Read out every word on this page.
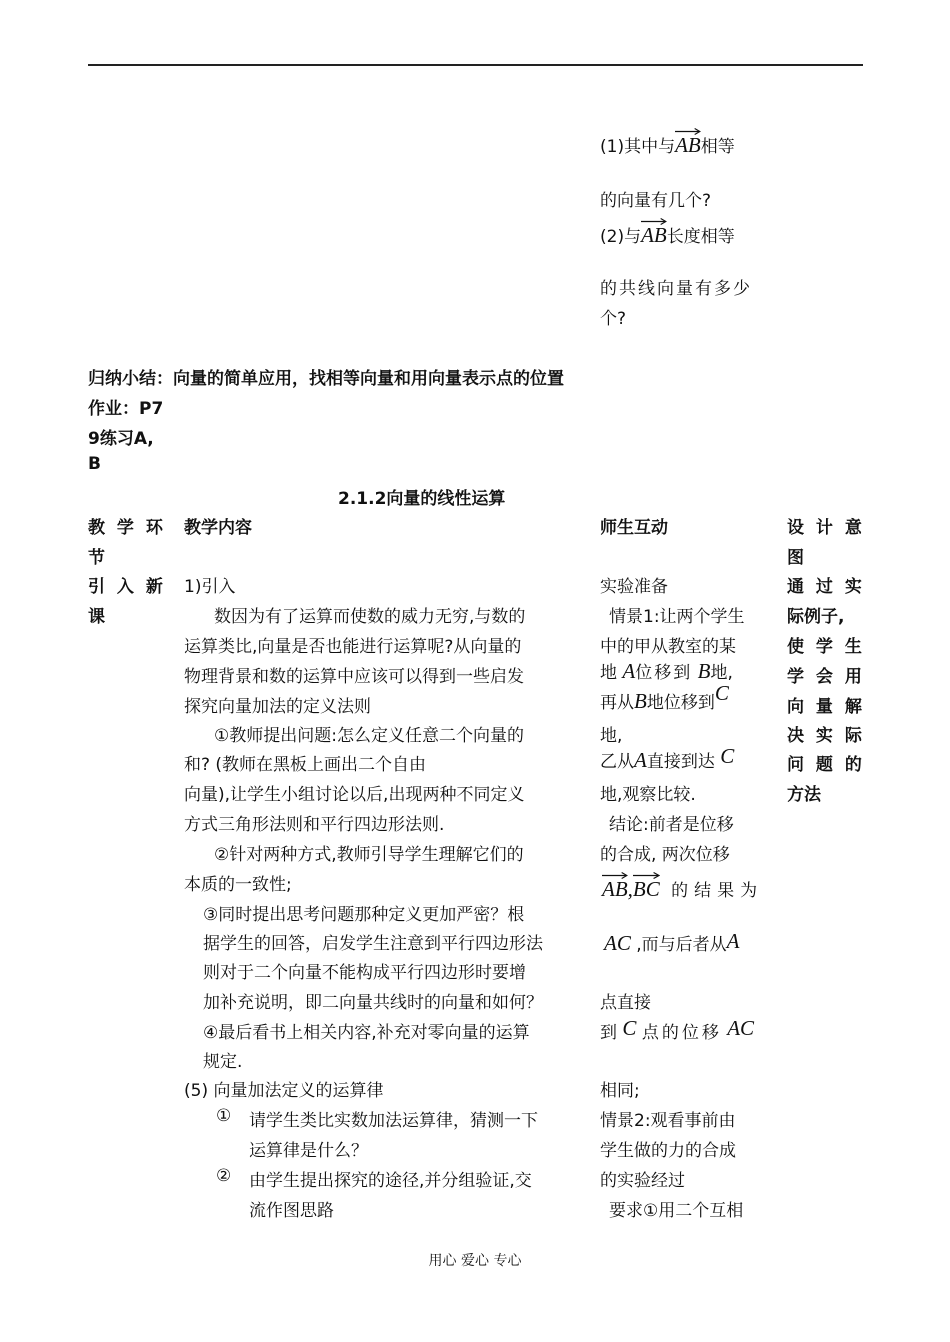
(1)其中与
AB相等
的向量有几个?
(2)与
AB长度相等
的共线向量有多少
个?
归纳小结：向量的简单应用，找相等向量和用向量表示点的位置
作业：P7
9练习A,
B
2.1.2向量的线性运算
教 学 环
节
教学内容	师生互动	设 计 意
图
引 入 新
课
1)引入
数因为有了运算而使数的威力无穷,与数的
运算类比,向量是否也能进行运算呢?从向量的
物理背景和数的运算中应该可以得到一些启发
探究向量加法的定义法则
①教师提出问题:怎么定义任意二个向量的
和? (教师在黑板上画出二个自由
向量),让学生小组讨论以后,出现两种不同定义
方式三角形法则和平行四边形法则.
②针对两种方式,教师引导学生理解它们的
本质的一致性;
③同时提出思考问题那种定义更加严密？根
据学生的回答，启发学生注意到平行四边形法
则对于二个向量不能构成平行四边形时要增
加补充说明，即二向量共线时的向量和如何？
④最后看书上相关内容,补充对零向量的运算
规定.
(5) 向量加法定义的运算律
① 请学生类比实数加法运算律，猜测一下
运算律是什么？
② 由学生提出探究的途径,并分组验证,交
流作图思路
实验准备
情景1:让两个学生
中的甲从教室的某
地 A位移到 B地,
再从B地位移到C
地,
乙从A直接到达 C
地,观察比较.
结论:前者是位移
的合成, 两次位移
AB,
BC 的结果为
AC ,而与后者从A
点直接
到 C 点的位移 AC
相同;
情景2:观看事前由
学生做的力的合成
的实验经过
要求①用二个互相
通 过 实
际例子,
使 学 生
学 会 用
向 量 解
决 实 际
问 题 的
方法
用心 爱心 专心
